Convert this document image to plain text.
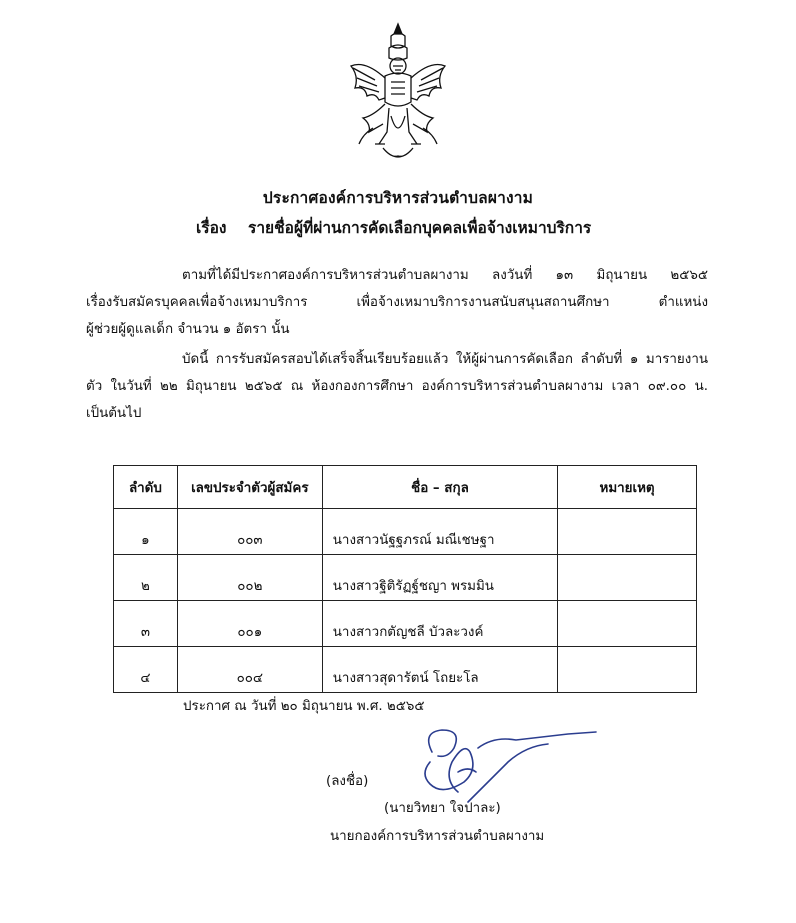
ประกาศองค์การบริหารส่วนตำบลผางาม
เรื่อง รายชื่อผู้ที่ผ่านการคัดเลือกบุคคลเพื่อจ้างเหมาบริการ
ตามที่ได้มีประกาศองค์การบริหารส่วนตำบลผางาม ลงวันที่ ๑๓ มิถุนายน ๒๕๖๕
เรื่องรับสมัครบุคคลเพื่อจ้างเหมาบริการ เพื่อจ้างเหมาบริการงานสนับสนุนสถานศึกษา ตำแหน่ง
ผู้ช่วยผู้ดูแลเด็ก จำนวน ๑ อัตรา นั้น
บัดนี้ การรับสมัครสอบได้เสร็จสิ้นเรียบร้อยแล้ว ให้ผู้ผ่านการคัดเลือก ลำดับที่ ๑ มารายงาน
ตัว ในวันที่ ๒๒ มิถุนายน ๒๕๖๕ ณ ห้องกองการศึกษา องค์การบริหารส่วนตำบลผางาม เวลา ๐๙.๐๐ น.
เป็นต้นไป
ลำดับ	เลขประจำตัวผู้สมัคร	ชื่อ – สกุล	หมายเหตุ
๑	๐๐๓	นางสาวนัฐฐภรณ์ มณีเชษฐา	
๒	๐๐๒	นางสาวฐิติรัฏฐ์ชญา พรมมิน	
๓	๐๐๑	นางสาวกตัญชลี บัวละวงค์	
๔	๐๐๔	นางสาวสุดารัตน์ โถยะโล	
ประกาศ ณ วันที่ ๒๐ มิถุนายน พ.ศ. ๒๕๖๕
(ลงชื่อ)
(นายวิทยา ใจปาละ)
นายกองค์การบริหารส่วนตำบลผางาม
